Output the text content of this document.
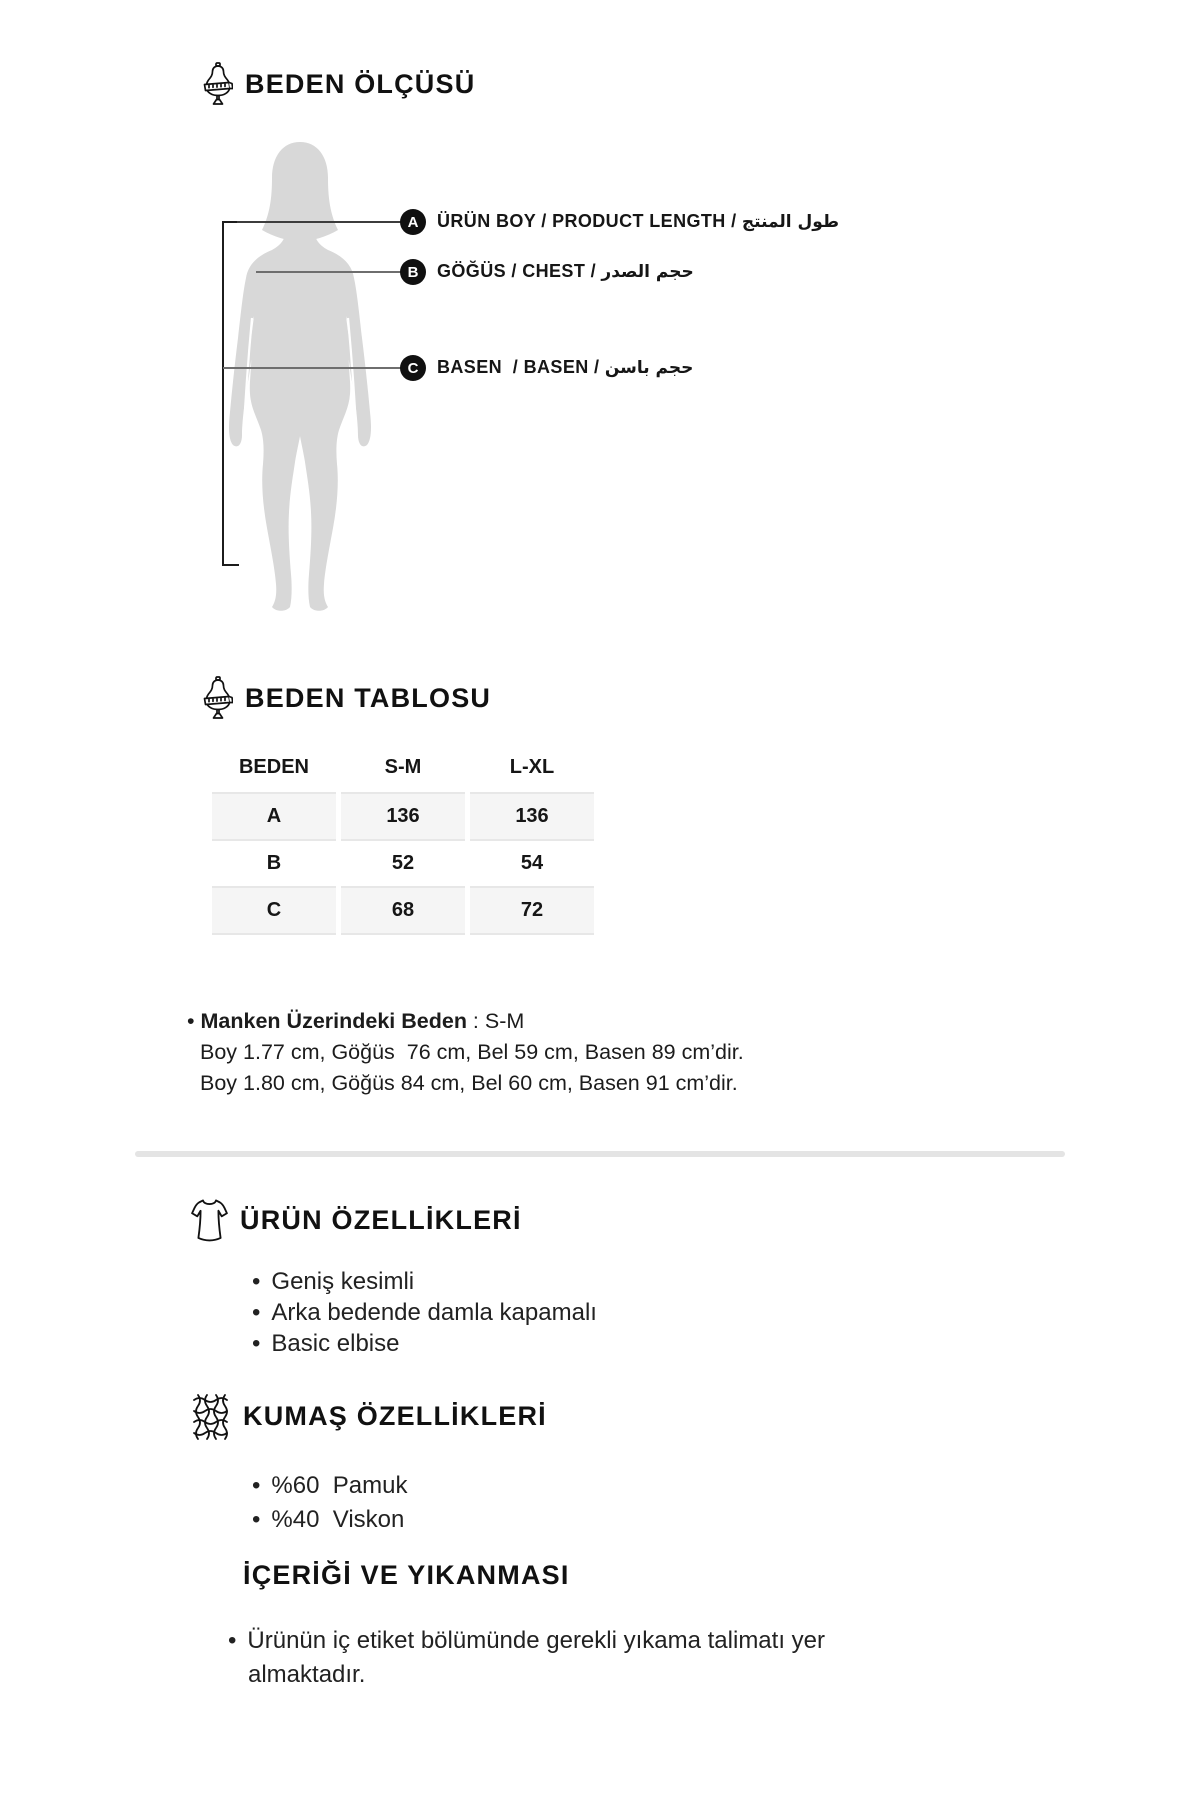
BEDEN ÖLÇÜSÜ
A
B
C
ÜRÜN BOY / PRODUCT LENGTH / طول المنتج
GÖĞÜS / CHEST / حجم الصدر
BASEN  / BASEN / حجم باسن
BEDEN TABLOSU
BEDEN	S-M	L-XL
A	136	136
B	52	54
C	68	72
• Manken Üzerindeki Beden : S-M
Boy 1.77 cm, Göğüs  76 cm, Bel 59 cm, Basen 89 cm’dir.
Boy 1.80 cm, Göğüs 84 cm, Bel 60 cm, Basen 91 cm’dir.
ÜRÜN ÖZELLİKLERİ
• Geniş kesimli
• Arka bedende damla kapamalı
• Basic elbise
KUMAŞ ÖZELLİKLERİ
• %60  Pamuk
• %40  Viskon
İÇERİĞİ VE YIKANMASI
• Ürünün iç etiket bölümünde gerekli yıkama talimatı yer almaktadır.
